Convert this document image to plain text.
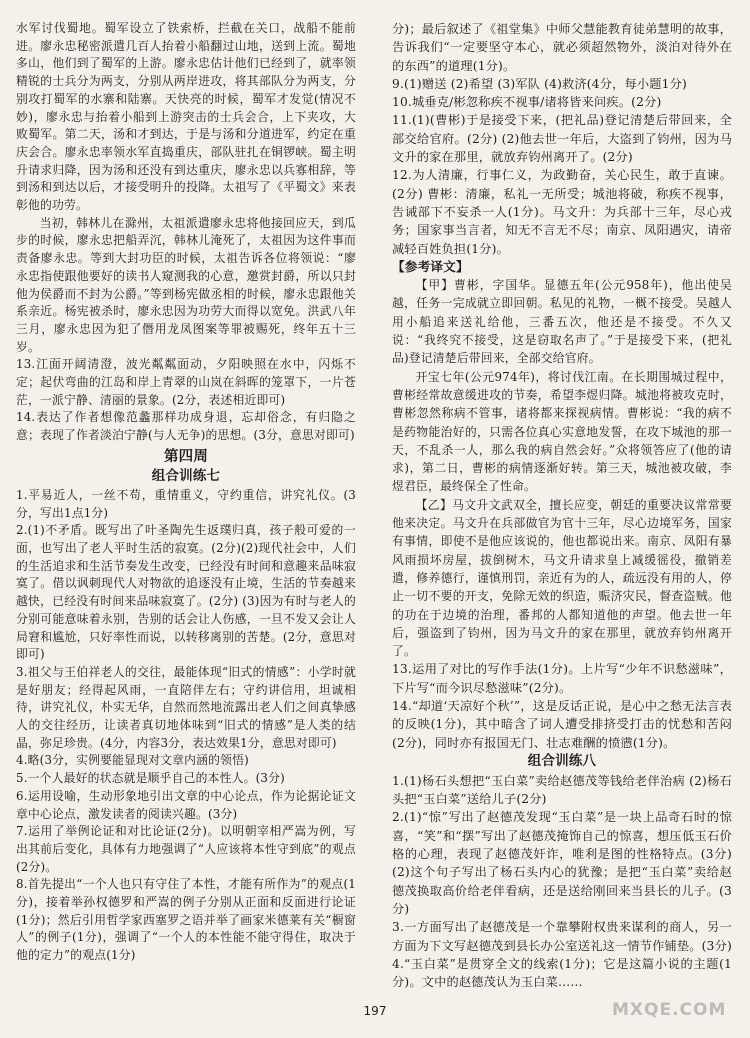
水军讨伐蜀地。蜀军设立了铁索桥，拦截在关口，战船不能前进。廖永忠秘密派遣几百人抬着小船翻过山地，送到上流。蜀地多山，他们到了蜀军的上游。廖永忠估计他们已经到了，就率领精锐的士兵分为两支，分别从两岸进攻，将其部队分为两支，分别攻打蜀军的水寨和陆寨。天快亮的时候，蜀军才发觉(情况不妙)，廖永忠与抬着小船到上游突击的士兵会合，上下夹攻，大败蜀军。第二天，汤和才到达，于是与汤和分道进军，约定在重庆会合。廖永忠率领水军直捣重庆，部队驻扎在铜锣峡。蜀主明升请求归降，因为汤和还没有到达重庆，廖永忠以兵寡相辞，等到汤和到达以后，才接受明升的投降。太祖写了《平蜀文》来表彰他的功劳。

当初，韩林儿在滁州，太祖派遣廖永忠将他接回应天，到瓜步的时候，廖永忠把船弄沉，韩林儿淹死了，太祖因为这件事而责备廖永忠。等到大封功臣的时候，太祖告诉各位将领说：“廖永忠指使跟他要好的读书人窥测我的心意，邀赏封爵，所以只封他为侯爵而不封为公爵。”等到杨宪做丞相的时候，廖永忠跟他关系亲近。杨宪被杀时，廖永忠因为功劳大而得以宽免。洪武八年三月，廖永忠因为犯了僭用龙凤图案等罪被赐死，终年五十三岁。

13.江面开阔清澄，波光粼粼面动，夕阳映照在水中，闪烁不定；起伏弯曲的江岛和岸上青翠的山岚在斜晖的笼罩下，一片苍茫，一派宁静、清丽的景象。(2分，表述相近即可)

14.表达了作者想像范蠡那样功成身退，忘却俗念，有归隐之意；表现了作者淡泊宁静(与人无争)的思想。(3分，意思对即可)

第四周
组合训练七

1.平易近人，一丝不苟，重情重义，守约重信，讲究礼仪。(3分，写出1点1分)

2.(1)不矛盾。既写出了叶圣陶先生返璞归真，孩子般可爱的一面，也写出了老人平时生活的寂寞。(2分)(2)现代社会中，人们的生活追求和生活节奏发生改变，已经没有时间和意趣来品味寂寞了。借以讽刺现代人对物欲的追逐没有止境，生活的节奏越来越快，已经没有时间来品味寂寞了。(2分) (3)因为有时与老人的分别可能意味着永别，告别的话会让人伤感，一旦不发又会让人局窘和尴尬，只好率性而说，以转移离别的苦楚。(2分，意思对即可)

3.祖父与王伯祥老人的交往，最能体现“旧式的情感”：小学时就是好朋友；经得起风雨，一直陪伴左右；守约讲信用，坦诚相待，讲究礼仪，朴实无华，自然而然地流露出老人们之间真挚感人的交往经历，让读者真切地体味到“旧式的情感”是人类的结晶，弥足珍贵。(4分，内容3分，表达效果1分，意思对即可)

4.略(3分，实例要能显现对文章内涵的领悟)

5.一个人最好的状态就是顺乎自己的本性人。(3分)

6.运用设喻，生动形象地引出文章的中心论点，作为论据论证文章中心论点，激发读者的阅读兴趣。(3分)

7.运用了举例论证和对比论证(2分)。以明朝宰相严嵩为例，写出其前后变化，具体有力地强调了“人应该将本性守到底”的观点(2分)。

8.首先提出“一个人也只有守住了本性，才能有所作为”的观点(1分)，接着举孙权德罗和严嵩的例子分别从正面和反面进行论证(1分)；然后引用哲学家西塞罗之语并举了画家米德莱有关“橱窗人”的例子(1分)，强调了“一个人的本性能不能守得住，取决于他的定力”的观点(1分)

分)；最后叙述了《祖堂集》中师父慧能教育徒弟慧明的故事，告诉我们“一定要坚守本心，就必须超然物外，淡泊对待外在的东西”的道理(1分)。

9.(1)赠送 (2)希望 (3)军队 (4)救济(4分，每小题1分)

10.城垂克/彬忽称疾不视事/诸将皆来问疾。(2分)

11.(1)(曹彬)于是接受下来，(把礼品)登记清楚后带回来，全部交给官府。(2分) (2)他去世一年后，大盗到了钧州，因为马文升的家在那里，就放弃钧州离开了。(2分)

12.为人清廉，行事仁义，为政勤奋，关心民生，敢于直谏。(2分) 曹彬：清廉，私礼一无所受；城池将破，称疾不视事，告诫部下不妄杀一人(1分)。马文升：为兵部十三年，尽心戎务；国家事当言者，知无不言无不尽；南京、凤阳遇灾，请帝减轻百姓负担(1分)。

【参考译文】

【甲】曹彬，字国华。显德五年(公元958年)，他出使吴越，任务一完成就立即回朝。私见的礼物，一概不接受。吴越人用小船追来送礼给他，三番五次，他还是不接受。不久又说：“我终究不接受，这是窃取名声了。”于是接受下来，(把礼品)登记清楚后带回来，全部交给官府。

开宝七年(公元974年)，将讨伐江南。在长期围城过程中，曹彬经常故意缓进攻的节奏，希望李煜归降。城池将被攻克时，曹彬忽然称病不管事，诸将都来探视病情。曹彬说：“我的病不是药物能治好的，只需各位真心实意地发誓，在攻下城池的那一天，不乱杀一人，那么我的病自然会好。”众将领答应了(他的请求)，第二日，曹彬的病情逐渐好转。第三天，城池被攻破，李煜君臣，最终保全了性命。

【乙】马文升文武双全，擅长应变，朝廷的重要决议常常要他来决定。马文升在兵部做官为官十三年，尽心边境军务，国家有事情，即使不是他应该说的，他也都说出来。南京、凤阳有暴风雨损坏房屋，拔倒树木，马文升请求皇上减缓徭役，撤销差遣，修养德行，谨慎刑罚，亲近有为的人，疏远没有用的人，停止一切不要的开支，免除无效的织造，赈济灾民，督查盗贼。他的功在于边境的治理，番邦的人都知道他的声望。他去世一年后，强盗到了钧州，因为马文升的家在那里，就放弃钧州离开了。

13.运用了对比的写作手法(1分)。上片写“少年不识愁滋味”，下片写“而今识尽愁滋味”(2分)。

14.“却道‘天凉好个秋’”，这是反话正说，是心中之愁无法言表的反映(1分)，其中暗含了词人遭受排挤受打击的忧愁和苦闷(2分)，同时亦有报国无门、壮志难酬的愤懑(1分)。

组合训练八

1.(1)杨石头想把“玉白菜”卖给赵德茂等钱给老伴治病 (2)杨石头把“玉白菜”送给儿子(2分)

2.(1)“惊”写出了赵德茂发现“玉白菜”是一块上品奇石时的惊喜，“笑”和“摆”写出了赵德茂掩饰自己的惊喜，想压低玉石价格的心理，表现了赵德茂奸诈，唯利是图的性格特点。(3分) (2)这个句子写出了杨石头内心的犹豫；是把“玉白菜”卖给赵德茂换取高价给老伴看病，还是送给刚回来当县长的儿子。(3分)

3.一方面写出了赵德茂是一个靠攀附权贵来谋利的商人，另一方面为下文写赵德茂到县长办公室送礼这一情节作铺垫。(3分)

4.“玉白菜”是贯穿全文的线索(1分)；它是这篇小说的主题(1分)。文中的赵德茂认为玉白菜……

197	MXQE.COM
